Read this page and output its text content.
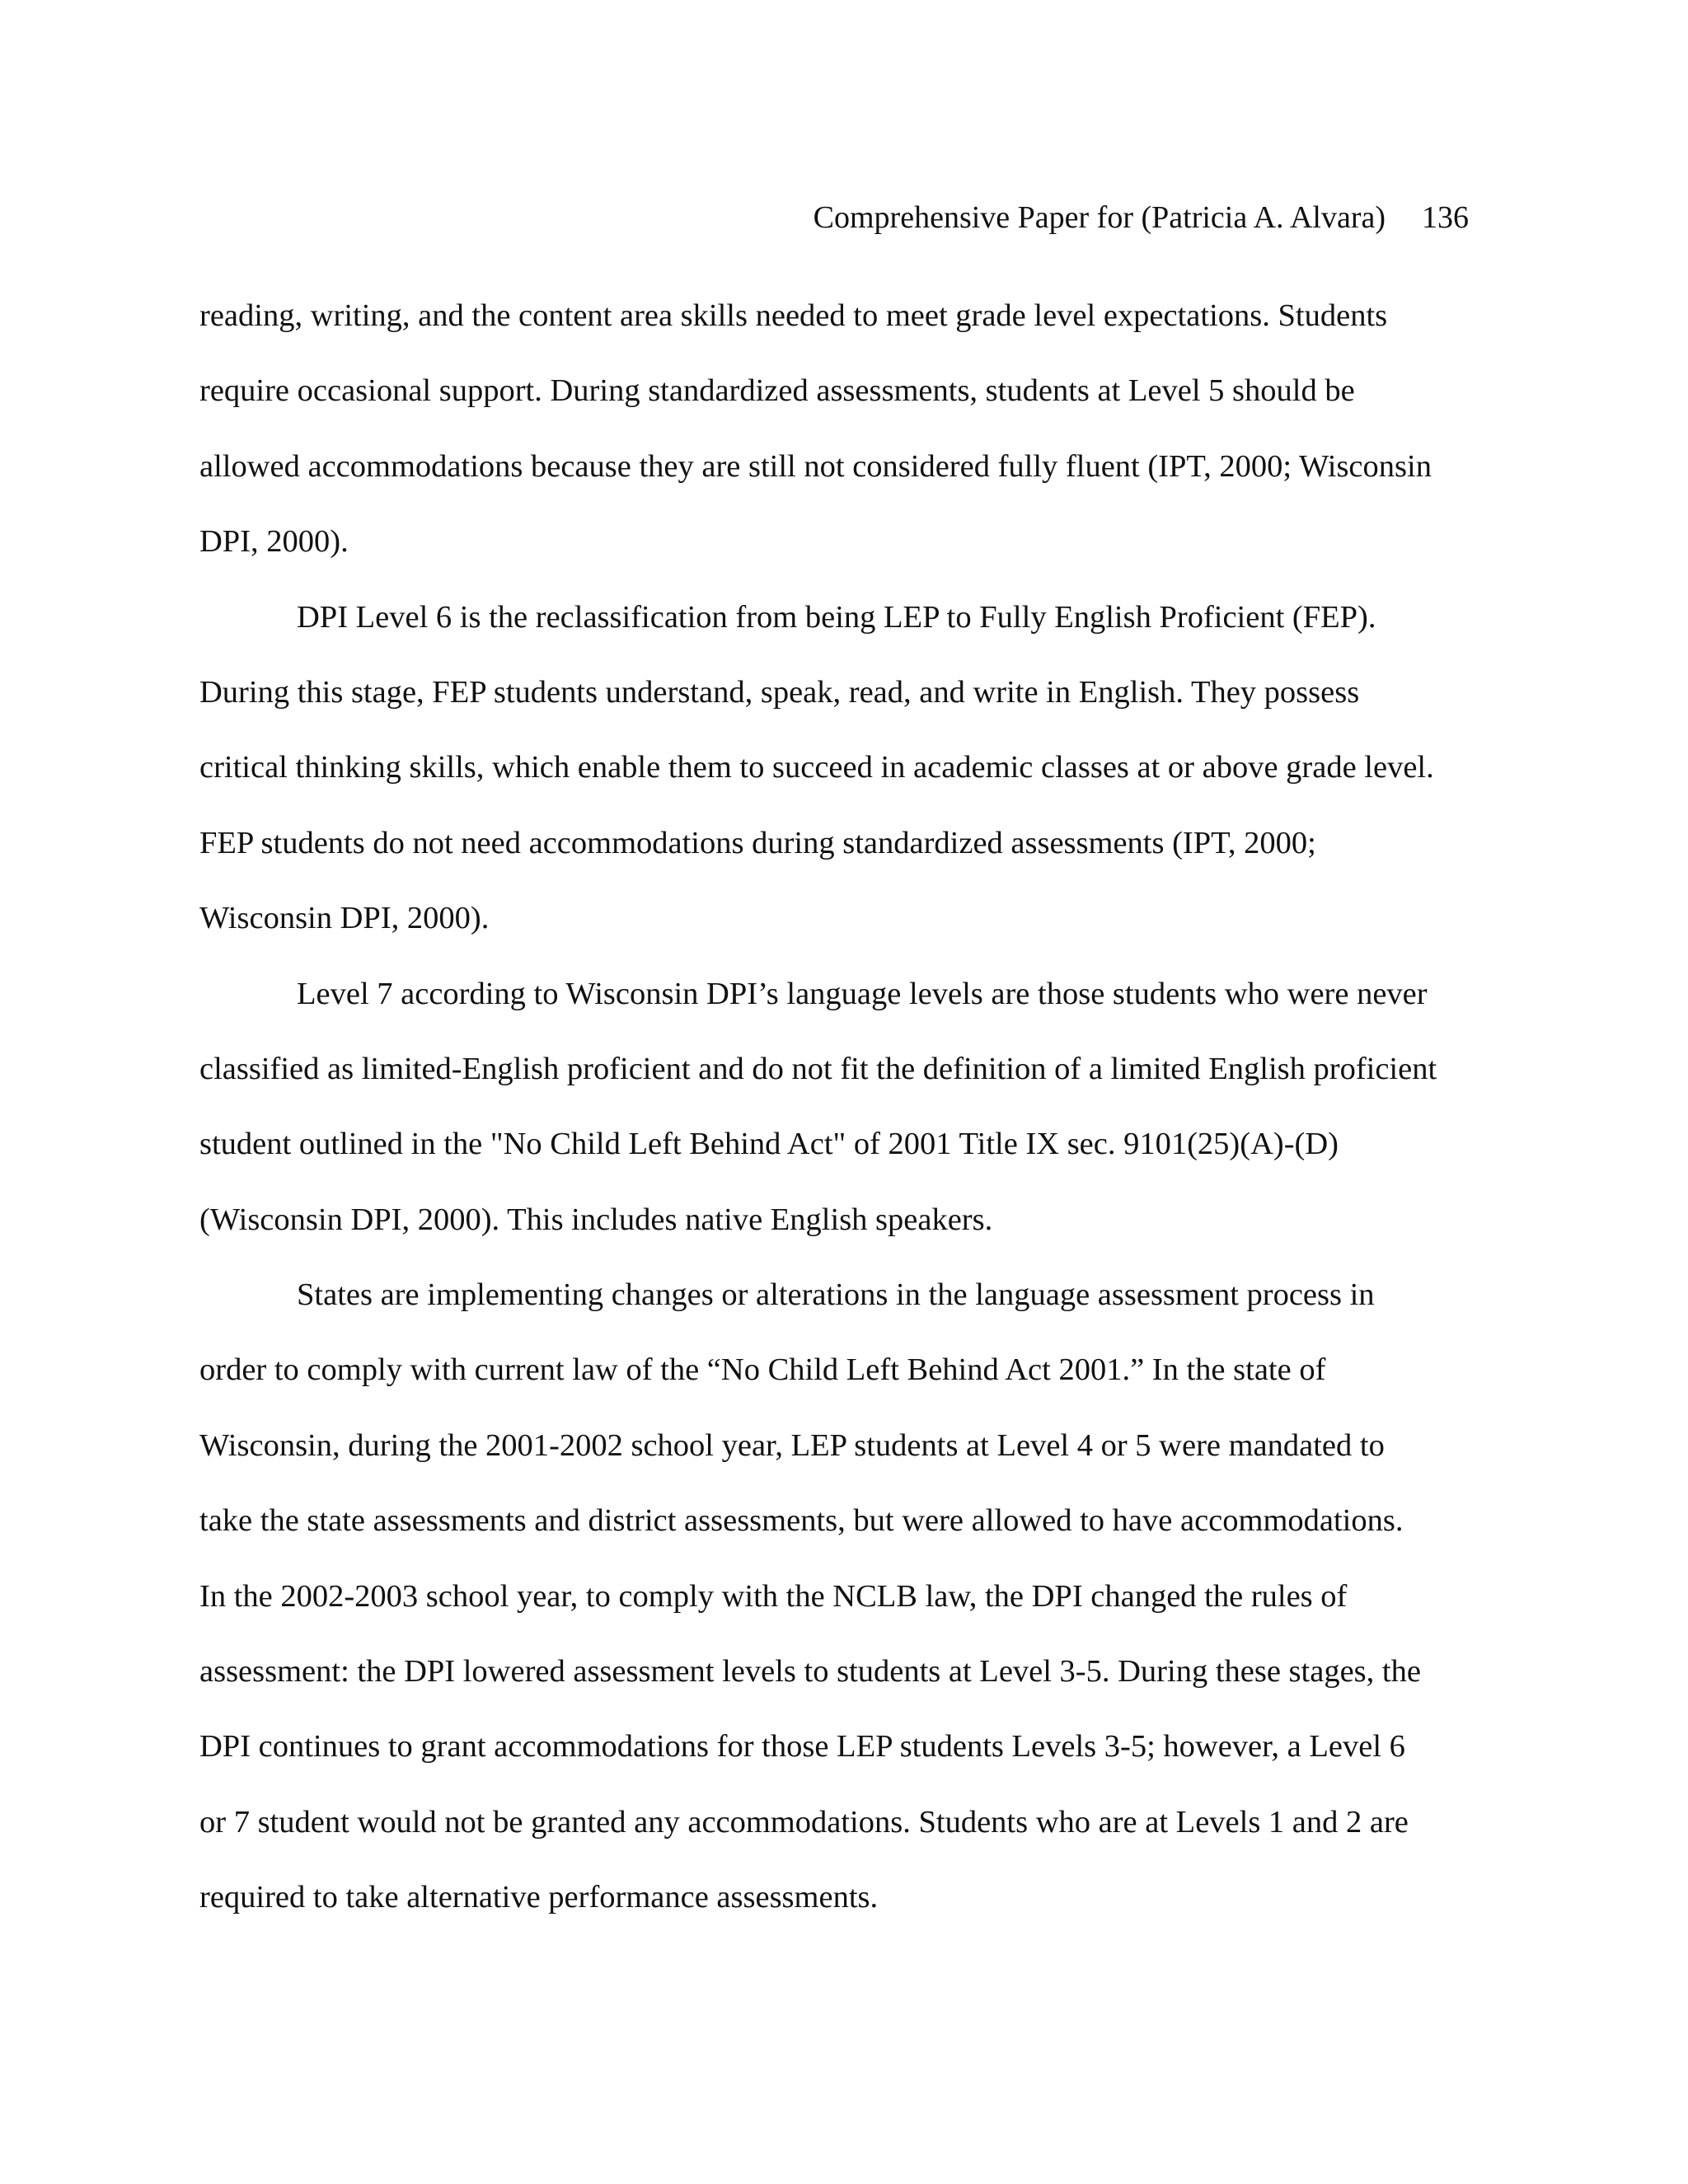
Comprehensive Paper for (Patricia A. Alvara) 136
reading, writing, and the content area skills needed to meet grade level expectations. Students
require occasional support. During standardized assessments, students at Level 5 should be
allowed accommodations because they are still not considered fully fluent (IPT, 2000; Wisconsin
DPI, 2000).
DPI Level 6 is the reclassification from being LEP to Fully English Proficient (FEP).
During this stage, FEP students understand, speak, read, and write in English. They possess
critical thinking skills, which enable them to succeed in academic classes at or above grade level.
FEP students do not need accommodations during standardized assessments (IPT, 2000;
Wisconsin DPI, 2000).
Level 7 according to Wisconsin DPI’s language levels are those students who were never
classified as limited-English proficient and do not fit the definition of a limited English proficient
student outlined in the "No Child Left Behind Act" of 2001 Title IX sec. 9101(25)(A)-(D)
(Wisconsin DPI, 2000). This includes native English speakers.
States are implementing changes or alterations in the language assessment process in
order to comply with current law of the “No Child Left Behind Act 2001.” In the state of
Wisconsin, during the 2001-2002 school year, LEP students at Level 4 or 5 were mandated to
take the state assessments and district assessments, but were allowed to have accommodations.
In the 2002-2003 school year, to comply with the NCLB law, the DPI changed the rules of
assessment: the DPI lowered assessment levels to students at Level 3-5. During these stages, the
DPI continues to grant accommodations for those LEP students Levels 3-5; however, a Level 6
or 7 student would not be granted any accommodations. Students who are at Levels 1 and 2 are
required to take alternative performance assessments.
